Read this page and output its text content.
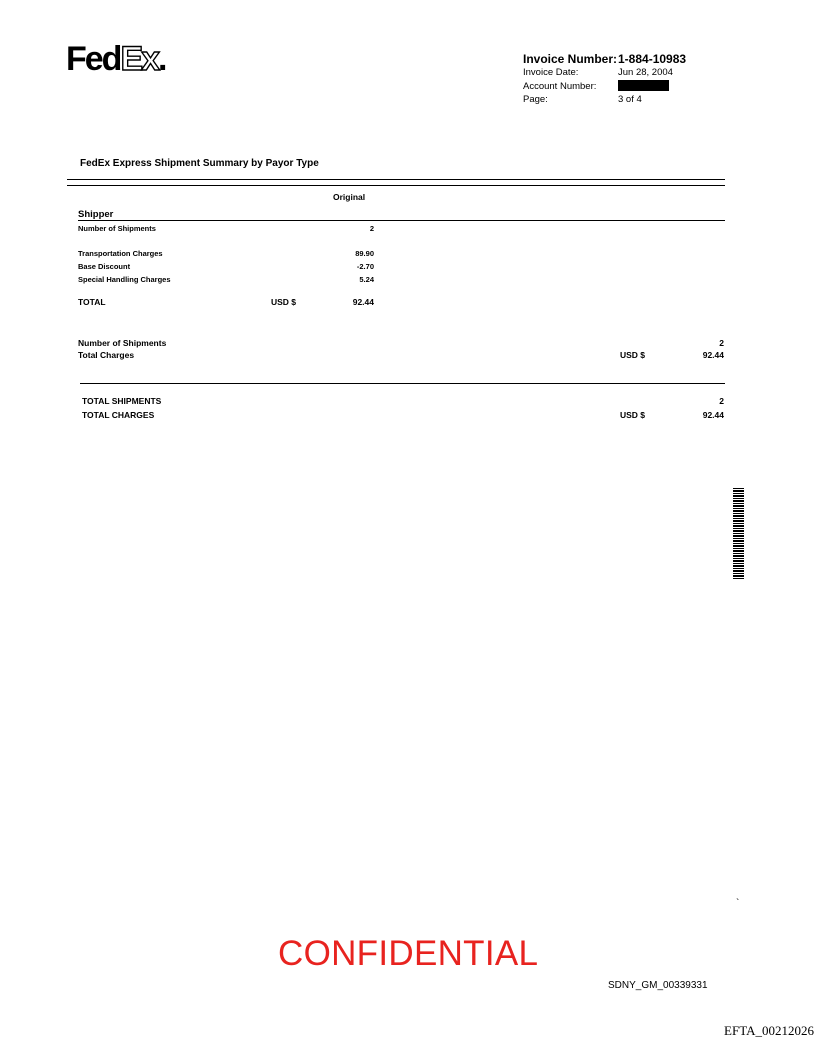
FedEx.	Invoice Number: 1-884-10983
Invoice Date:	Jun 28, 2004
Account Number:
Page:	3 of 4
FedEx Express Shipment Summary by Payor Type
Original
Shipper
Number of Shipments	2
Transportation Charges	89.90
Base Discount	-2.70
Special Handling Charges	5.24
TOTAL	USD $	92.44
Number of Shipments	2
Total Charges	USD $	92.44
TOTAL SHIPMENTS	2
TOTAL CHARGES	USD $	92.44
`
CONFIDENTIAL
SDNY_GM_00339331
EFTA_00212026
